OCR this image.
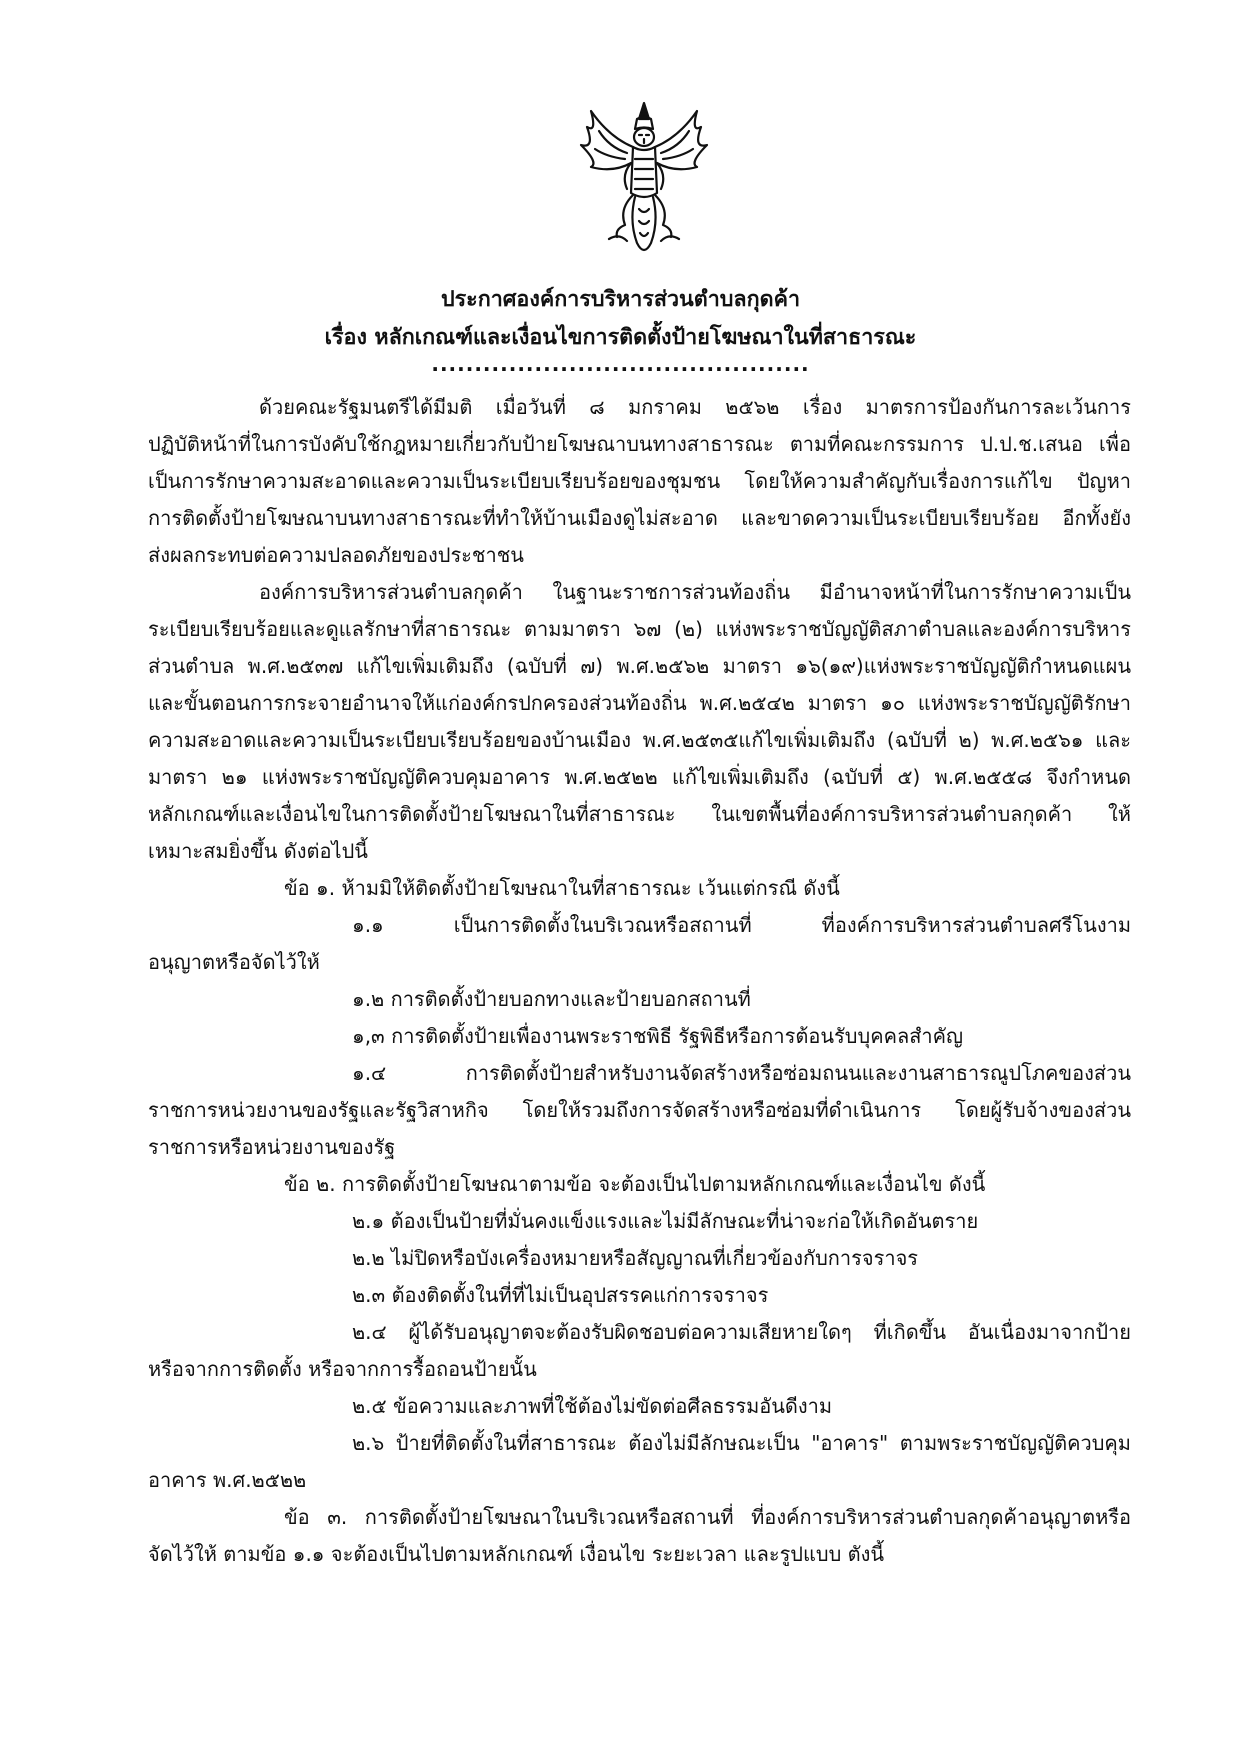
ประกาศองค์การบริหารส่วนตำบลกุดค้า
เรื่อง หลักเกณฑ์และเงื่อนไขการติดตั้งป้ายโฆษณาในที่สาธารณะ
............................................
ด้วยคณะรัฐมนตรีได้มีมติ เมื่อวันที่ ๘ มกราคม ๒๕๖๒ เรื่อง มาตรการป้องกันการละเว้นการ
ปฏิบัติหน้าที่ในการบังคับใช้กฎหมายเกี่ยวกับป้ายโฆษณาบนทางสาธารณะ ตามที่คณะกรรมการ ป.ป.ช.เสนอ เพื่อ
เป็นการรักษาความสะอาดและความเป็นระเบียบเรียบร้อยของชุมชน โดยให้ความสำคัญกับเรื่องการแก้ไข ปัญหา
การติดตั้งป้ายโฆษณาบนทางสาธารณะที่ทำให้บ้านเมืองดูไม่สะอาด และขาดความเป็นระเบียบเรียบร้อย อีกทั้งยัง
ส่งผลกระทบต่อความปลอดภัยของประชาชน
องค์การบริหารส่วนตำบลกุดค้า ในฐานะราชการส่วนท้องถิ่น มีอำนาจหน้าที่ในการรักษาความเป็น
ระเบียบเรียบร้อยและดูแลรักษาที่สาธารณะ ตามมาตรา ๖๗ (๒) แห่งพระราชบัญญัติสภาตำบลและองค์การบริหาร
ส่วนตำบล พ.ศ.๒๕๓๗ แก้ไขเพิ่มเติมถึง (ฉบับที่ ๗) พ.ศ.๒๕๖๒ มาตรา ๑๖(๑๙)แห่งพระราชบัญญัติกำหนดแผน
และขั้นตอนการกระจายอำนาจให้แก่องค์กรปกครองส่วนท้องถิ่น พ.ศ.๒๕๔๒ มาตรา ๑๐ แห่งพระราชบัญญัติรักษา
ความสะอาดและความเป็นระเบียบเรียบร้อยของบ้านเมือง พ.ศ.๒๕๓๕แก้ไขเพิ่มเติมถึง (ฉบับที่ ๒) พ.ศ.๒๕๖๑ และ
มาตรา ๒๑ แห่งพระราชบัญญัติควบคุมอาคาร พ.ศ.๒๕๒๒ แก้ไขเพิ่มเติมถึง (ฉบับที่ ๕) พ.ศ.๒๕๕๘ จึงกำหนด
หลักเกณฑ์และเงื่อนไขในการติดตั้งป้ายโฆษณาในที่สาธารณะ ในเขตพื้นที่องค์การบริหารส่วนตำบลกุดค้า ให้
เหมาะสมยิ่งขึ้น ดังต่อไปนี้
ข้อ ๑. ห้ามมิให้ติดตั้งป้ายโฆษณาในที่สาธารณะ เว้นแต่กรณี ดังนี้
๑.๑ เป็นการติดตั้งในบริเวณหรือสถานที่ ที่องค์การบริหารส่วนตำบลศรีโนงาม
อนุญาตหรือจัดไว้ให้
๑.๒ การติดตั้งป้ายบอกทางและป้ายบอกสถานที่
๑,๓ การติดตั้งป้ายเพื่องานพระราชพิธี รัฐพิธีหรือการต้อนรับบุคคลสำคัญ
๑.๔ การติดตั้งป้ายสำหรับงานจัดสร้างหรือซ่อมถนนและงานสาธารณูปโภคของส่วน
ราชการหน่วยงานของรัฐและรัฐวิสาหกิจ โดยให้รวมถึงการจัดสร้างหรือซ่อมที่ดำเนินการ โดยผู้รับจ้างของส่วน
ราชการหรือหน่วยงานของรัฐ
ข้อ ๒. การติดตั้งป้ายโฆษณาตามข้อ จะต้องเป็นไปตามหลักเกณฑ์และเงื่อนไข ดังนี้
๒.๑ ต้องเป็นป้ายที่มั่นคงแข็งแรงและไม่มีลักษณะที่น่าจะก่อให้เกิดอันตราย
๒.๒ ไม่ปิดหรือบังเครื่องหมายหรือสัญญาณที่เกี่ยวข้องกับการจราจร
๒.๓ ต้องติดตั้งในที่ที่ไม่เป็นอุปสรรคแก่การจราจร
๒.๔ ผู้ได้รับอนุญาตจะต้องรับผิดชอบต่อความเสียหายใดๆ ที่เกิดขึ้น อันเนื่องมาจากป้าย
หรือจากการติดตั้ง หรือจากการรื้อถอนป้ายนั้น
๒.๕ ข้อความและภาพที่ใช้ต้องไม่ขัดต่อศีลธรรมอันดีงาม
๒.๖ ป้ายที่ติดตั้งในที่สาธารณะ ต้องไม่มีลักษณะเป็น "อาคาร" ตามพระราชบัญญัติควบคุม
อาคาร พ.ศ.๒๕๒๒
ข้อ ๓. การติดตั้งป้ายโฆษณาในบริเวณหรือสถานที่ ที่องค์การบริหารส่วนตำบลกุดค้าอนุญาตหรือ
จัดไว้ให้ ตามข้อ ๑.๑ จะต้องเป็นไปตามหลักเกณฑ์ เงื่อนไข ระยะเวลา และรูปแบบ ตังนี้
